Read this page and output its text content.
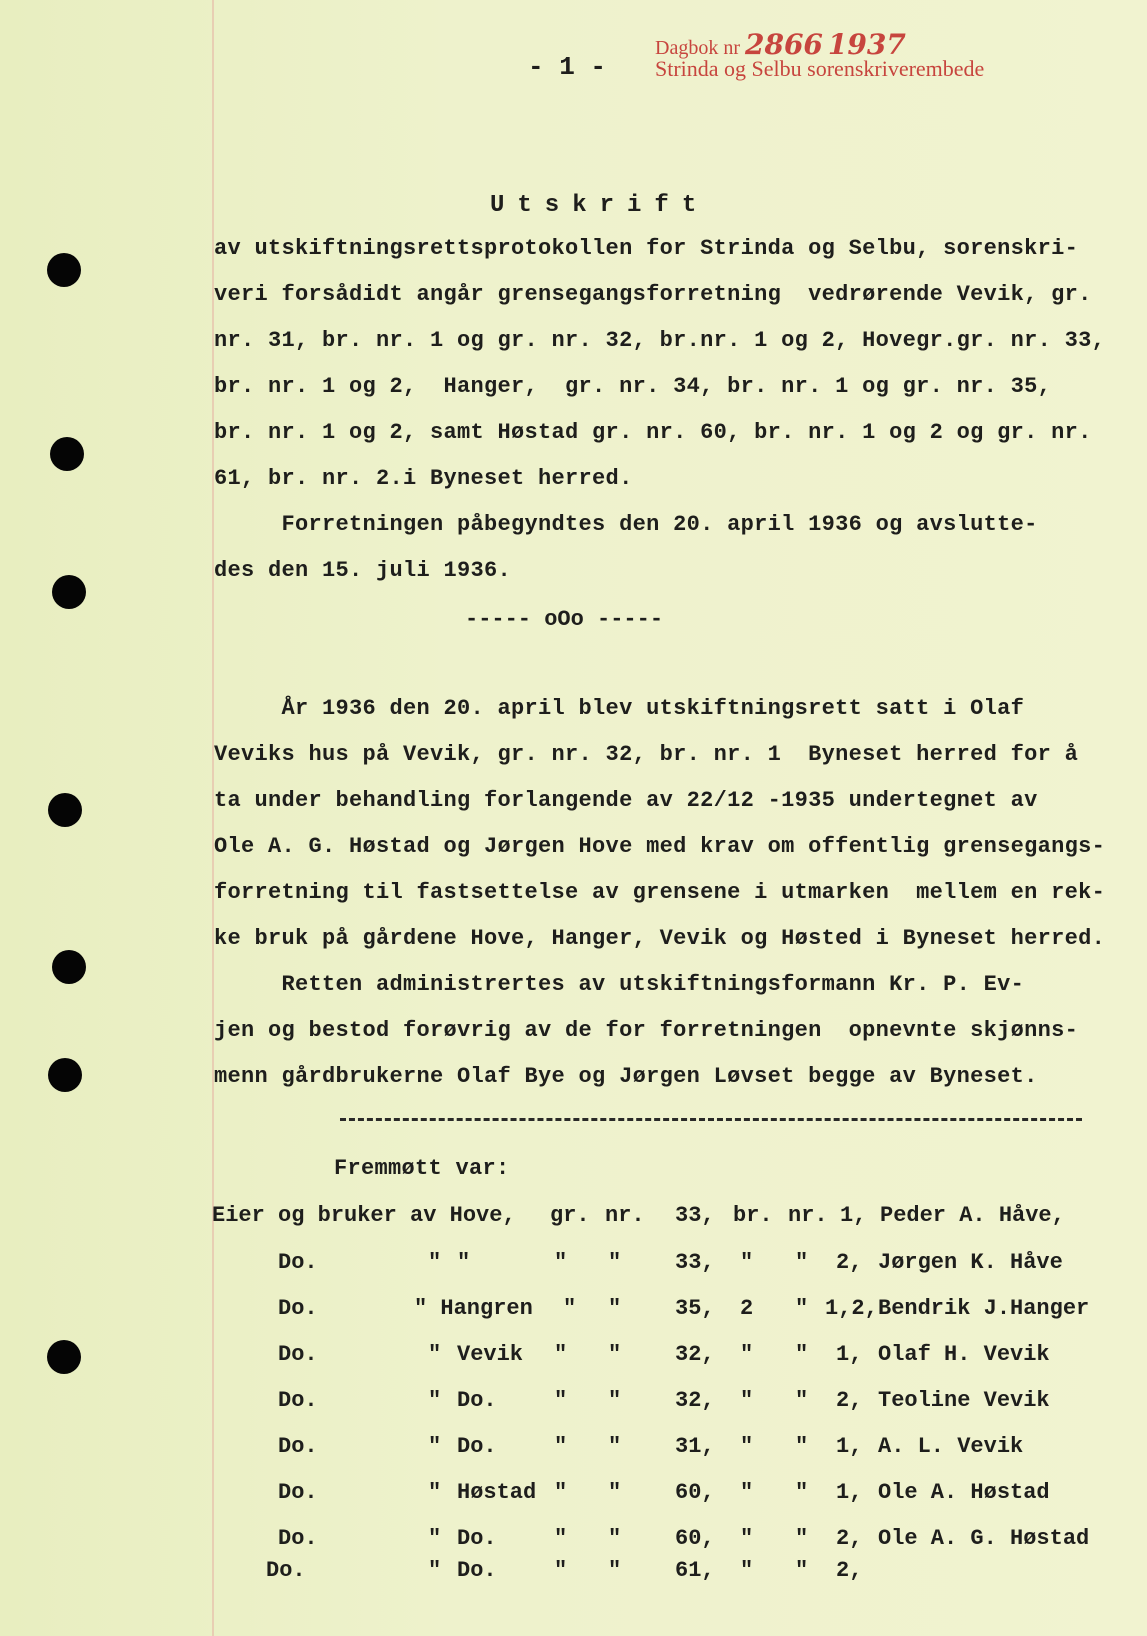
Dagbok nr 2866 1937
Strinda og Selbu sorenskriverembede
- 1 -
Utskrift
av utskiftningsrettsprotokollen for Strinda og Selbu, sorenskri-
veri forsådidt angår grensegangsforretning  vedrørende Vevik, gr.
nr. 31, br. nr. 1 og gr. nr. 32, br.nr. 1 og 2, Hovegr.gr. nr. 33,
br. nr. 1 og 2,  Hanger,  gr. nr. 34, br. nr. 1 og gr. nr. 35,
br. nr. 1 og 2, samt Høstad gr. nr. 60, br. nr. 1 og 2 og gr. nr.
61, br. nr. 2.i Byneset herred.
Forretningen påbegyndtes den 20. april 1936 og avslutte-
des den 15. juli 1936.
----- oOo -----
År 1936 den 20. april blev utskiftningsrett satt i Olaf
Veviks hus på Vevik, gr. nr. 32, br. nr. 1  Byneset herred for å
ta under behandling forlangende av 22/12 -1935 undertegnet av
Ole A. G. Høstad og Jørgen Hove med krav om offentlig grensegangs-
forretning til fastsettelse av grensene i utmarken  mellem en rek-
ke bruk på gårdene Hove, Hanger, Vevik og Høsted i Byneset herred.
Retten administrertes av utskiftningsformann Kr. P. Ev-
jen og bestod forøvrig av de for forretningen  opnevnte skjønns-
menn gårdbrukerne Olaf Bye og Jørgen Løvset begge av Byneset.
Fremmøtt var:
Eier og bruker av Hove, gr. nr. 33, br. nr. 1, Peder A. Håve,
Do.	" "	" " 33, " " 2, Jørgen K. Håve
Do.	" Hangren " " 35, 2 " 1,2, Bendrik J.Hanger
Do.	" Vevik " " 32, " " 1, Olaf H. Vevik
Do.	" Do.	" " 32, " " 2, Teoline Vevik
Do.	" Do.	" " 31, " " 1, A. L. Vevik
Do.	" Høstad " " 60, " " 1, Ole A. Høstad
Do.	" Do.	" " 60, " " 2, Ole A. G. Høstad
Do.	" Do.	" " 61, " " 2,
